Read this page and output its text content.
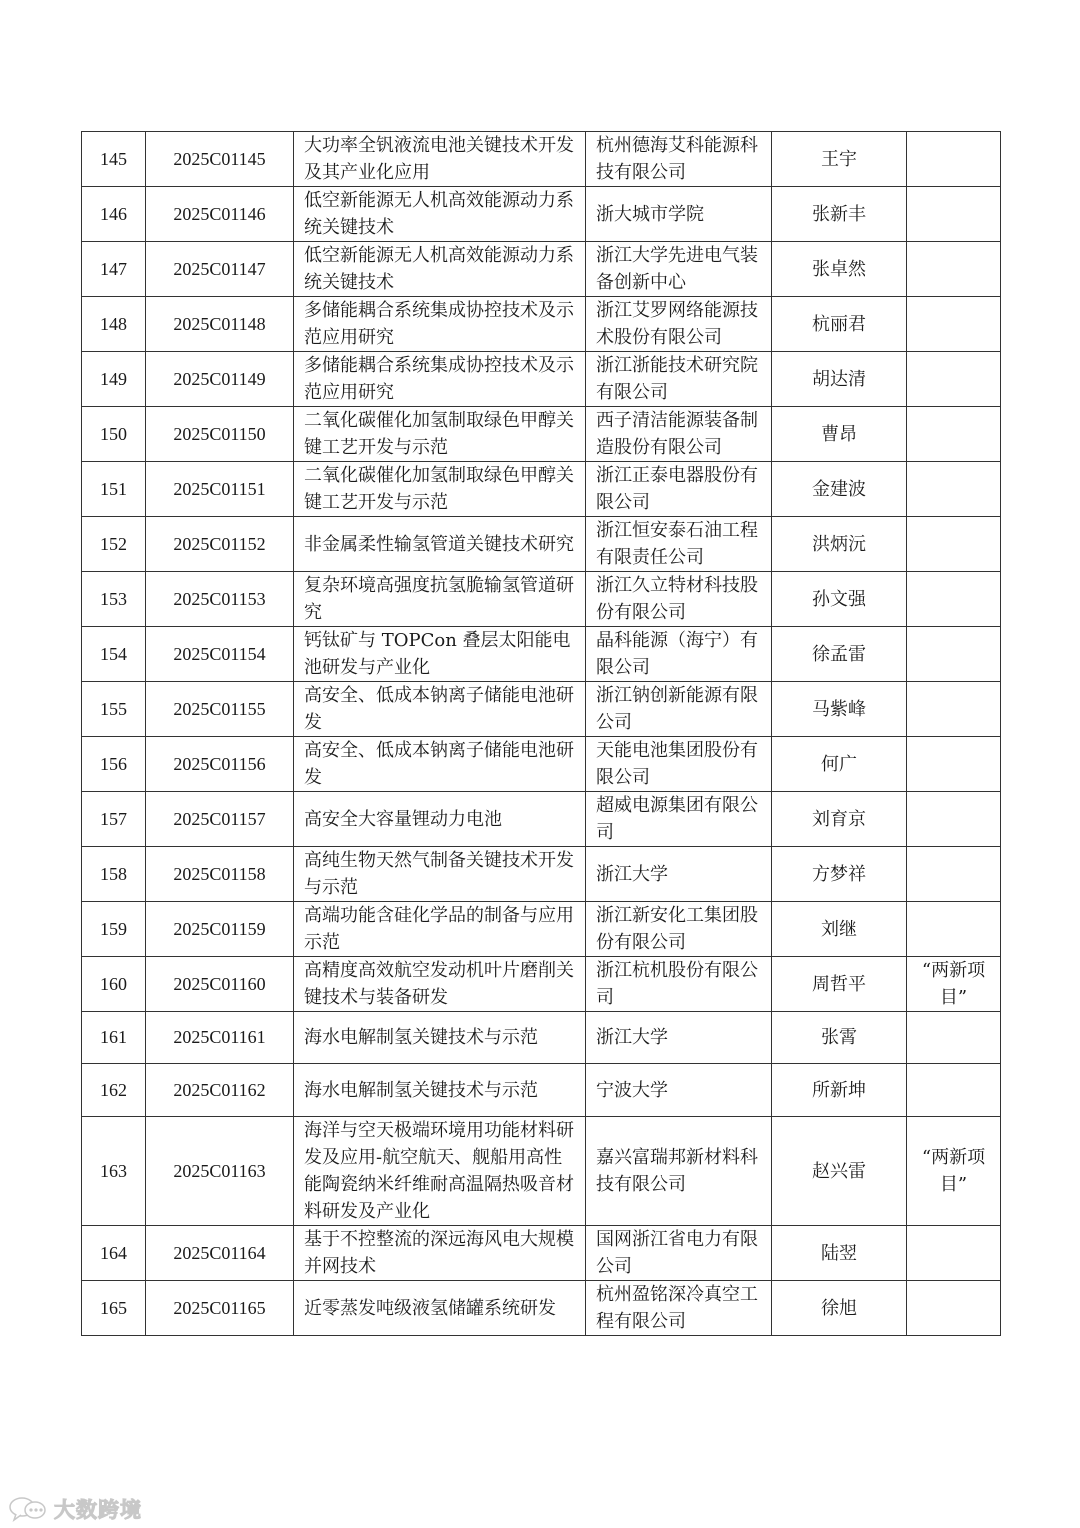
145	2025C01145	大功率全钒液流电池关键技术开发及其产业化应用	杭州德海艾科能源科技有限公司	王宇	
146	2025C01146	低空新能源无人机高效能源动力系统关键技术	浙大城市学院	张新丰	
147	2025C01147	低空新能源无人机高效能源动力系统关键技术	浙江大学先进电气装备创新中心	张卓然	
148	2025C01148	多储能耦合系统集成协控技术及示范应用研究	浙江艾罗网络能源技术股份有限公司	杭丽君	
149	2025C01149	多储能耦合系统集成协控技术及示范应用研究	浙江浙能技术研究院有限公司	胡达清	
150	2025C01150	二氧化碳催化加氢制取绿色甲醇关键工艺开发与示范	西子清洁能源装备制造股份有限公司	曹昂	
151	2025C01151	二氧化碳催化加氢制取绿色甲醇关键工艺开发与示范	浙江正泰电器股份有限公司	金建波	
152	2025C01152	非金属柔性输氢管道关键技术研究	浙江恒安泰石油工程有限责任公司	洪炳沅	
153	2025C01153	复杂环境高强度抗氢脆输氢管道研究	浙江久立特材科技股份有限公司	孙文强	
154	2025C01154	钙钛矿与 TOPCon 叠层太阳能电池研发与产业化	晶科能源（海宁）有限公司	徐孟雷	
155	2025C01155	高安全、低成本钠离子储能电池研发	浙江钠创新能源有限公司	马紫峰	
156	2025C01156	高安全、低成本钠离子储能电池研发	天能电池集团股份有限公司	何广	
157	2025C01157	高安全大容量锂动力电池	超威电源集团有限公司	刘育京	
158	2025C01158	高纯生物天然气制备关键技术开发与示范	浙江大学	方梦祥	
159	2025C01159	高端功能含硅化学品的制备与应用示范	浙江新安化工集团股份有限公司	刘继	
160	2025C01160	高精度高效航空发动机叶片磨削关键技术与装备研发	浙江杭机股份有限公司	周哲平	“两新项目”
161	2025C01161	海水电解制氢关键技术与示范	浙江大学	张霄	
162	2025C01162	海水电解制氢关键技术与示范	宁波大学	所新坤	
163	2025C01163	海洋与空天极端环境用功能材料研发及应用-航空航天、舰船用高性能陶瓷纳米纤维耐高温隔热吸音材料研发及产业化	嘉兴富瑞邦新材料科技有限公司	赵兴雷	“两新项目”
164	2025C01164	基于不控整流的深远海风电大规模并网技术	国网浙江省电力有限公司	陆翌	
165	2025C01165	近零蒸发吨级液氢储罐系统研发	杭州盈铭深冷真空工程有限公司	徐旭	
大数跨境
